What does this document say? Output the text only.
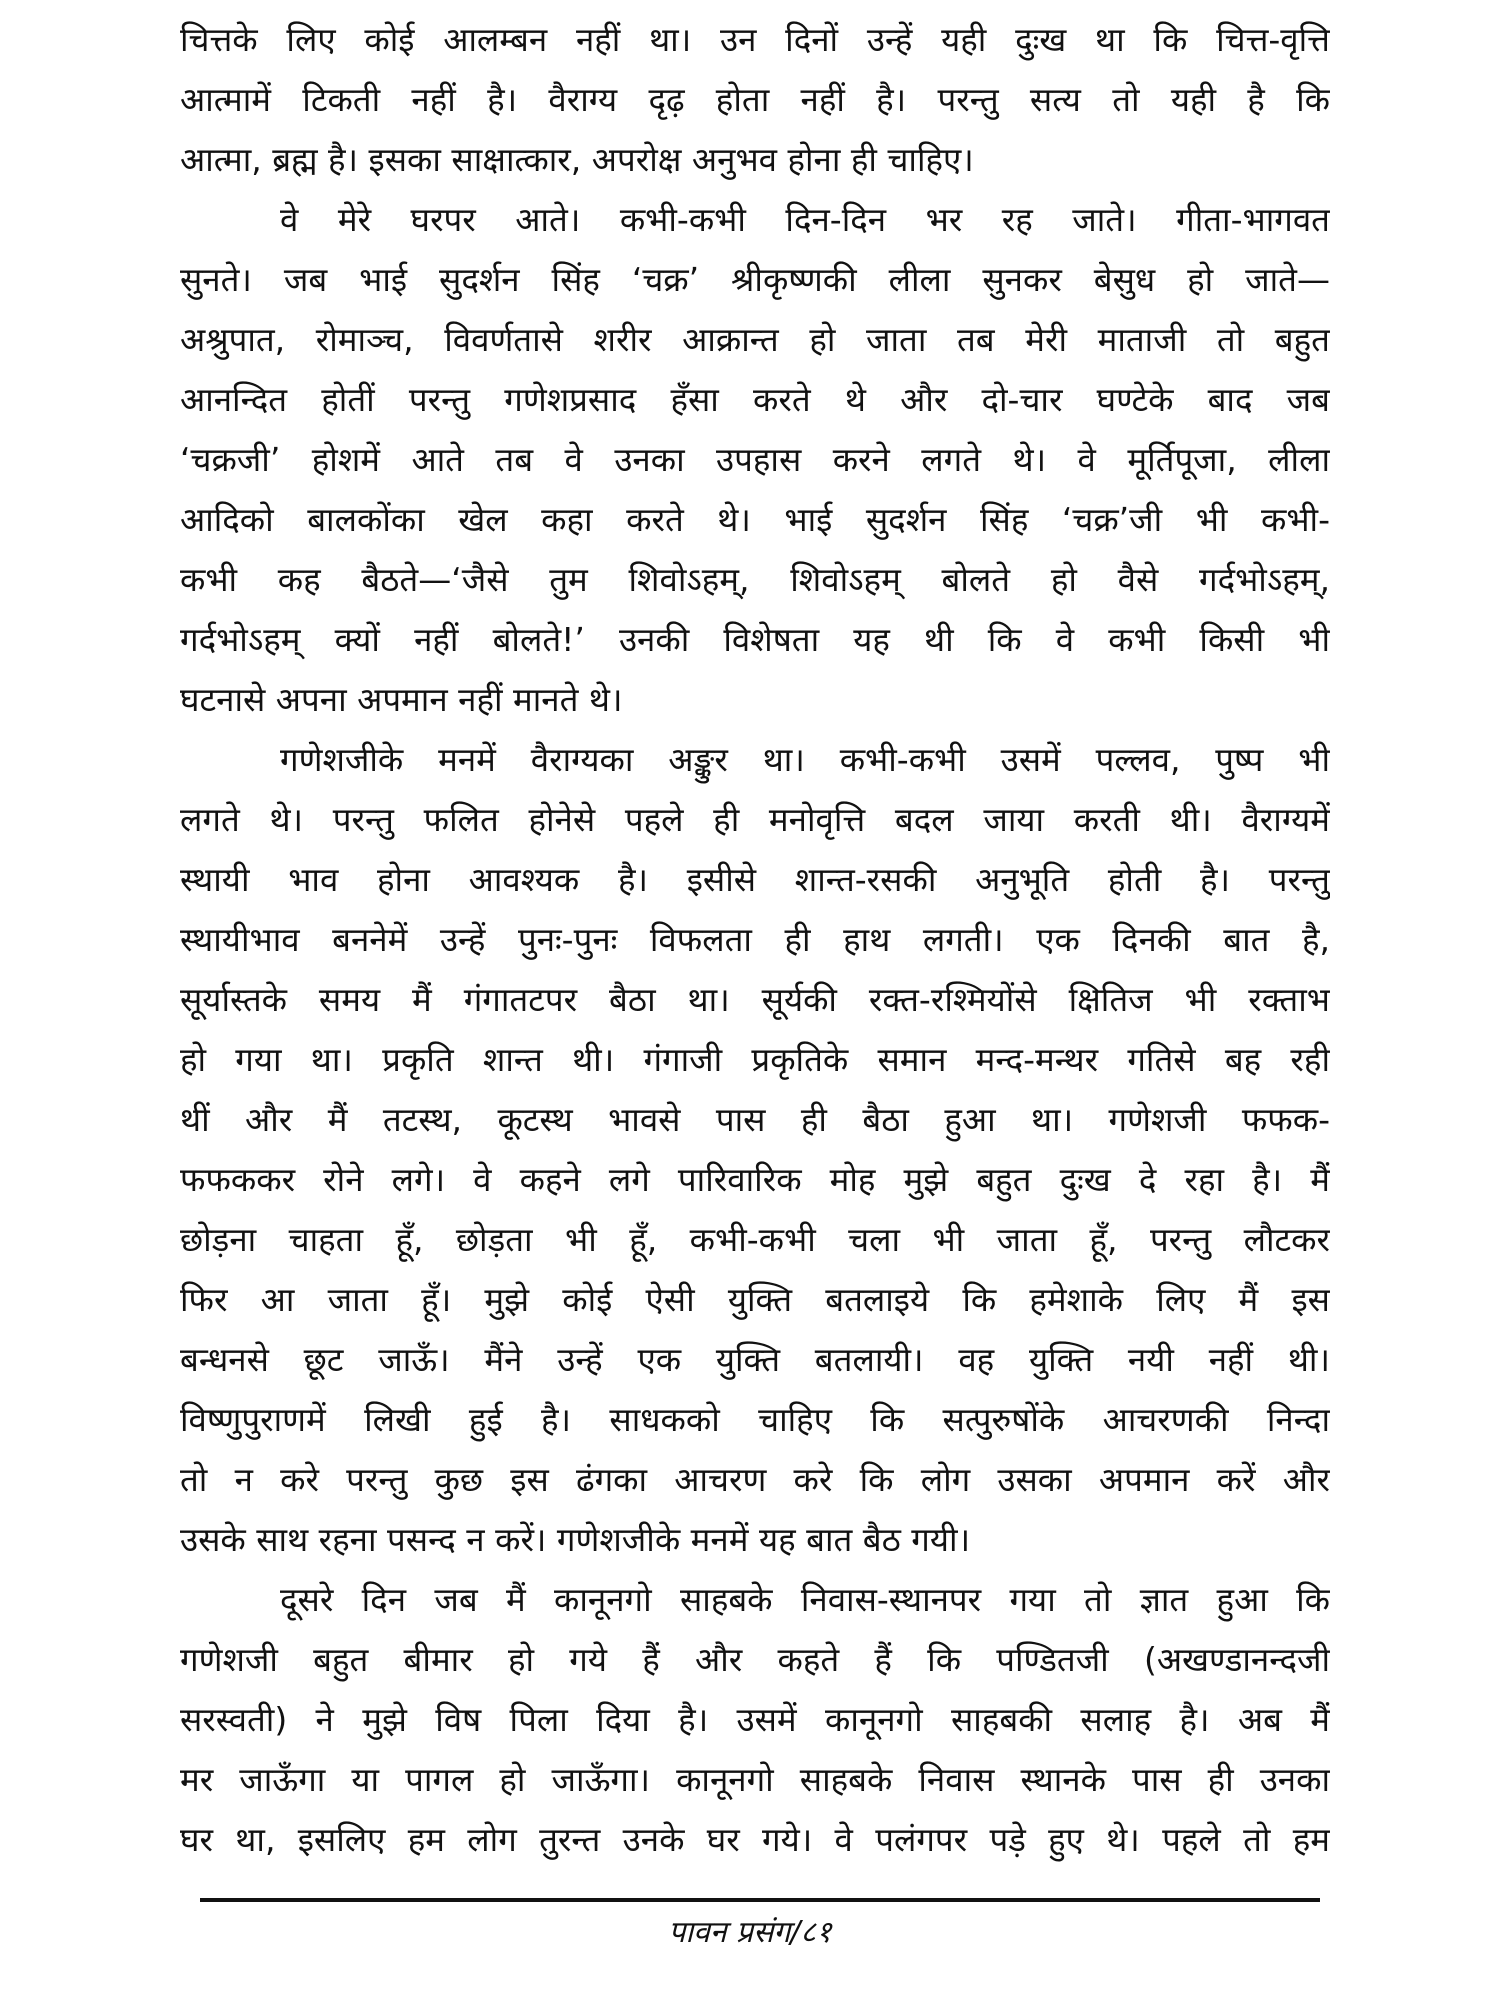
चित्तके लिए कोई आलम्बन नहीं था। उन दिनों उन्हें यही दुःख था कि चित्त-वृत्ति
आत्मामें टिकती नहीं है। वैराग्य दृढ़ होता नहीं है। परन्तु सत्य तो यही है कि
आत्मा, ब्रह्म है। इसका साक्षात्कार, अपरोक्ष अनुभव होना ही चाहिए।
वे मेरे घरपर आते। कभी-कभी दिन-दिन भर रह जाते। गीता-भागवत
सुनते। जब भाई सुदर्शन सिंह ‘चक्र’ श्रीकृष्णकी लीला सुनकर बेसुध हो जाते—
अश्रुपात, रोमाञ्च, विवर्णतासे शरीर आक्रान्त हो जाता तब मेरी माताजी तो बहुत
आनन्दित होतीं परन्तु गणेशप्रसाद हँसा करते थे और दो-चार घण्टेके बाद जब
‘चक्रजी’ होशमें आते तब वे उनका उपहास करने लगते थे। वे मूर्तिपूजा, लीला
आदिको बालकोंका खेल कहा करते थे। भाई सुदर्शन सिंह ‘चक्र’जी भी कभी-
कभी कह बैठते—‘जैसे तुम शिवोऽहम्, शिवोऽहम् बोलते हो वैसे गर्दभोऽहम्,
गर्दभोऽहम् क्यों नहीं बोलते!’ उनकी विशेषता यह थी कि वे कभी किसी भी
घटनासे अपना अपमान नहीं मानते थे।
गणेशजीके मनमें वैराग्यका अङ्कुर था। कभी-कभी उसमें पल्लव, पुष्प भी
लगते थे। परन्तु फलित होनेसे पहले ही मनोवृत्ति बदल जाया करती थी। वैराग्यमें
स्थायी भाव होना आवश्यक है। इसीसे शान्त-रसकी अनुभूति होती है। परन्तु
स्थायीभाव बननेमें उन्हें पुनः-पुनः विफलता ही हाथ लगती। एक दिनकी बात है,
सूर्यास्तके समय मैं गंगातटपर बैठा था। सूर्यकी रक्त-रश्मियोंसे क्षितिज भी रक्ताभ
हो गया था। प्रकृति शान्त थी। गंगाजी प्रकृतिके समान मन्द-मन्थर गतिसे बह रही
थीं और मैं तटस्थ, कूटस्थ भावसे पास ही बैठा हुआ था। गणेशजी फफक-
फफककर रोने लगे। वे कहने लगे पारिवारिक मोह मुझे बहुत दुःख दे रहा है। मैं
छोड़ना चाहता हूँ, छोड़ता भी हूँ, कभी-कभी चला भी जाता हूँ, परन्तु लौटकर
फिर आ जाता हूँ। मुझे कोई ऐसी युक्ति बतलाइये कि हमेशाके लिए मैं इस
बन्धनसे छूट जाऊँ। मैंने उन्हें एक युक्ति बतलायी। वह युक्ति नयी नहीं थी।
विष्णुपुराणमें लिखी हुई है। साधकको चाहिए कि सत्पुरुषोंके आचरणकी निन्दा
तो न करे परन्तु कुछ इस ढंगका आचरण करे कि लोग उसका अपमान करें और
उसके साथ रहना पसन्द न करें। गणेशजीके मनमें यह बात बैठ गयी।
दूसरे दिन जब मैं कानूनगो साहबके निवास-स्थानपर गया तो ज्ञात हुआ कि
गणेशजी बहुत बीमार हो गये हैं और कहते हैं कि पण्डितजी (अखण्डानन्दजी
सरस्वती) ने मुझे विष पिला दिया है। उसमें कानूनगो साहबकी सलाह है। अब मैं
मर जाऊँगा या पागल हो जाऊँगा। कानूनगो साहबके निवास स्थानके पास ही उनका
घर था, इसलिए हम लोग तुरन्त उनके घर गये। वे पलंगपर पड़े हुए थे। पहले तो हम
पावन प्रसंग/८१
